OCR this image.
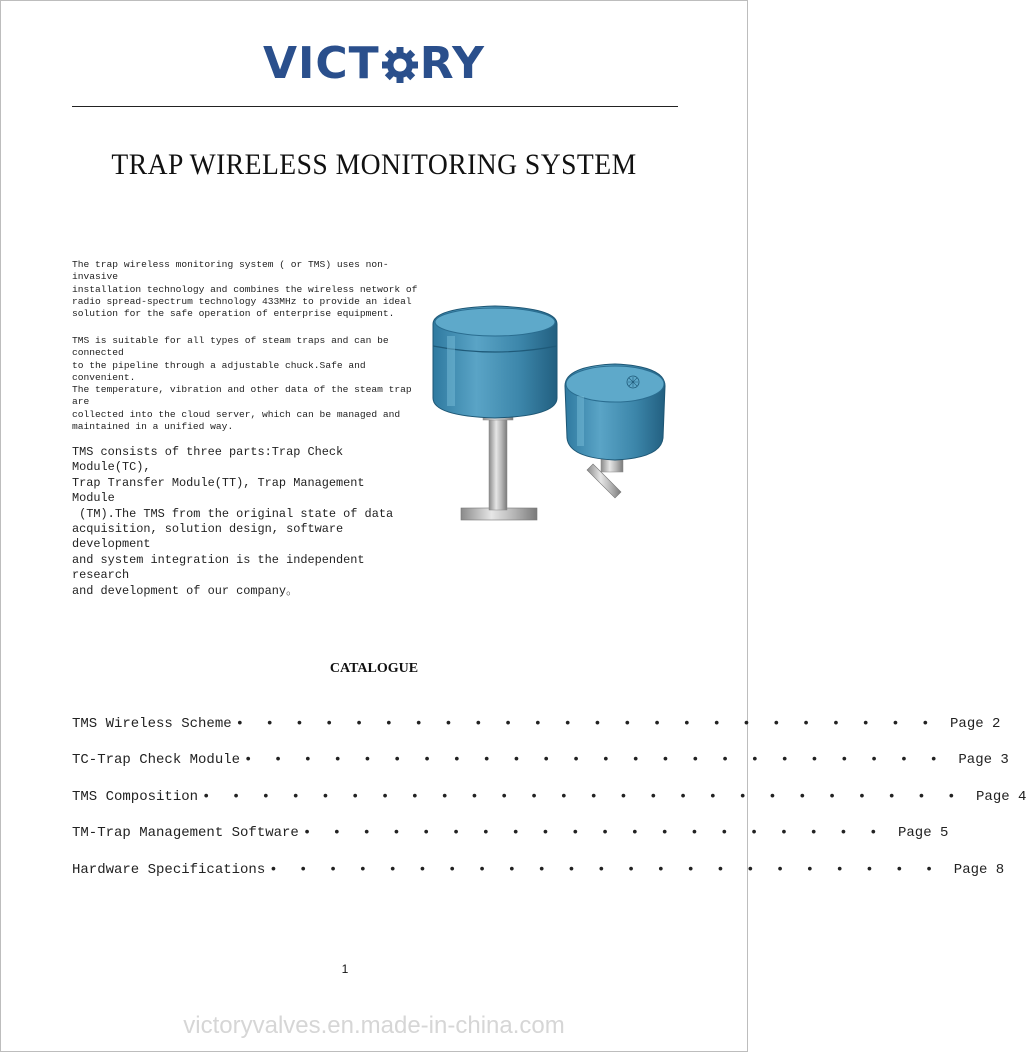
VICT RY
TRAP WIRELESS MONITORING SYSTEM

The trap wireless monitoring system ( or TMS) uses non-invasive
installation technology and combines the wireless network of
radio spread-spectrum technology 433MHz to provide an ideal
solution for the safe operation of enterprise equipment.

TMS is suitable for all types of steam traps and can be connected
to the pipeline through a adjustable chuck.Safe and convenient.

The temperature, vibration and other data of the steam trap are
collected into the cloud server, which can be managed and
maintained in a unified way.

TMS consists of three parts:Trap Check Module(TC),
Trap Transfer Module(TT), Trap Management Module
(TM).The TMS from the original state of data
acquisition, solution design, software development
and system integration is the independent research
and development of our company。

CATALOGUE
TMS Wireless Scheme • • • • • • • • • • • • • • • • • • • • • • • • Page 2
TC-Trap Check Module • • • • • • • • • • • • • • • • • • • • • • • • Page 3
TMS Composition • • • • • • • • • • • • • • • • • • • • • • • • • • Page 4
TM-Trap Management Software • • • • • • • • • • • • • • • • • • • • Page 5
Hardware Specifications • • • • • • • • • • • • • • • • • • • • • • • Page 8
1
victoryvalves.en.made-in-china.com
